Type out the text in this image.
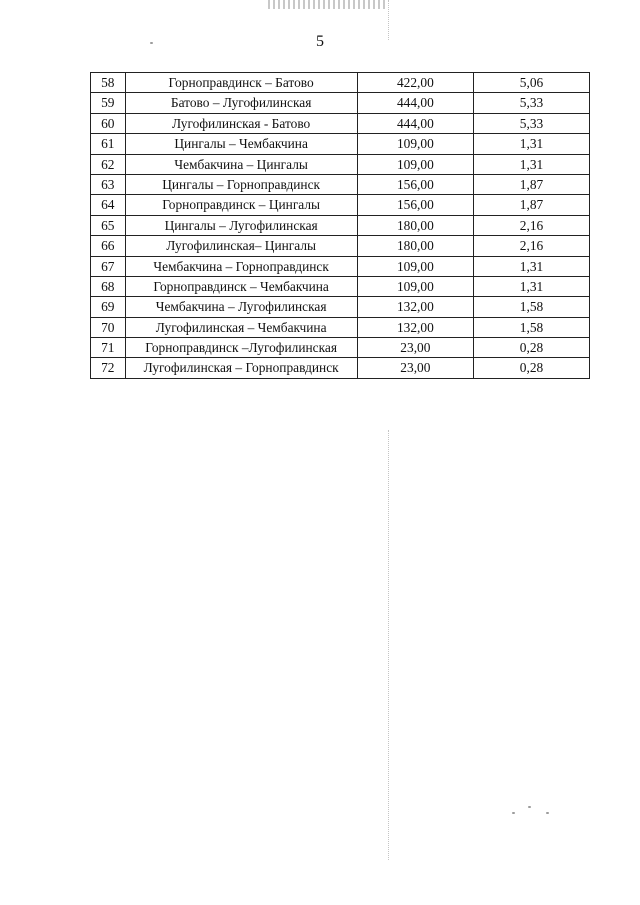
5
58	Горноправдинск – Батово	422,00	5,06
59	Батово – Лугофилинская	444,00	5,33
60	Лугофилинская - Батово	444,00	5,33
61	Цингалы – Чембакчина	109,00	1,31
62	Чембакчина – Цингалы	109,00	1,31
63	Цингалы – Горноправдинск	156,00	1,87
64	Горноправдинск – Цингалы	156,00	1,87
65	Цингалы – Лугофилинская	180,00	2,16
66	Лугофилинская– Цингалы	180,00	2,16
67	Чембакчина – Горноправдинск	109,00	1,31
68	Горноправдинск – Чембакчина	109,00	1,31
69	Чембакчина – Лугофилинская	132,00	1,58
70	Лугофилинская – Чембакчина	132,00	1,58
71	Горноправдинск –Лугофилинская	23,00	0,28
72	Лугофилинская – Горноправдинск	23,00	0,28
